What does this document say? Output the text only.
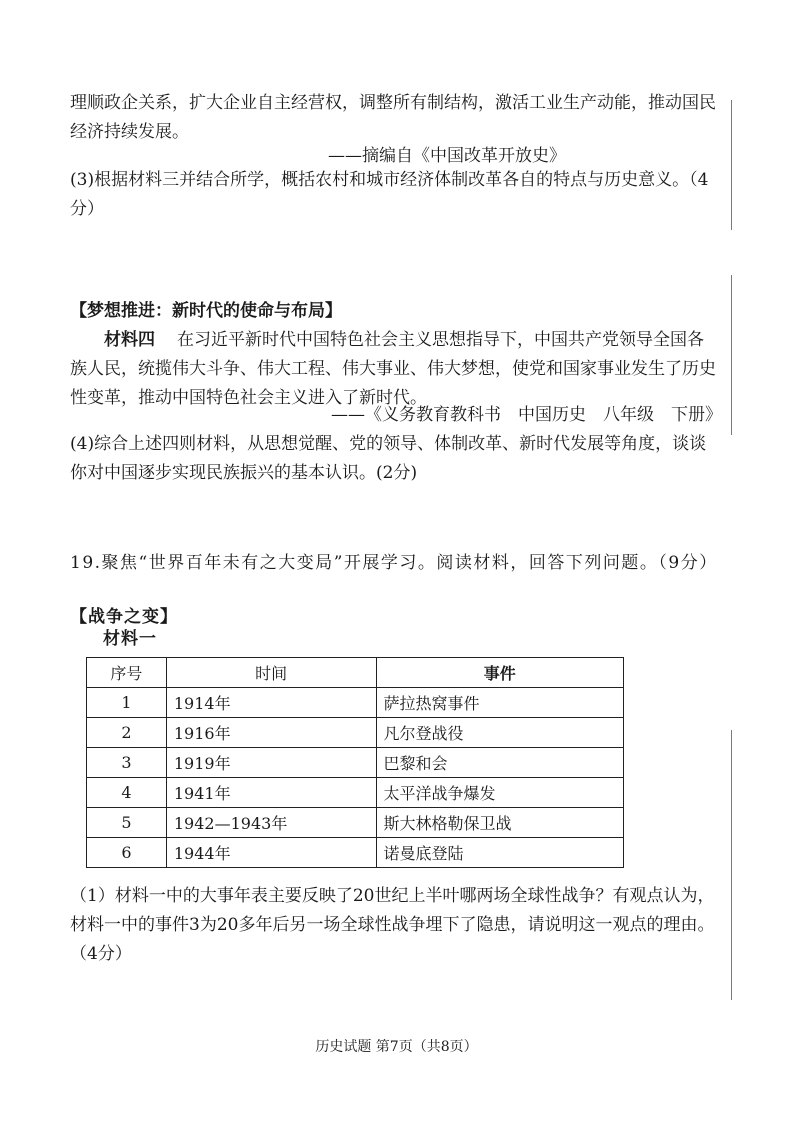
理顺政企关系，扩大企业自主经营权，调整所有制结构，激活工业生产动能，推动国民经济持续发展。

——摘编自《中国改革开放史》

(3)根据材料三并结合所学，概括农村和城市经济体制改革各自的特点与历史意义。（4分）

【梦想推进：新时代的使命与布局】

材料四 在习近平新时代中国特色社会主义思想指导下，中国共产党领导全国各族人民，统揽伟大斗争、伟大工程、伟大事业、伟大梦想，使党和国家事业发生了历史性变革，推动中国特色社会主义进入了新时代。

——《义务教育教科书　中国历史　八年级　下册》

(4)综合上述四则材料，从思想觉醒、党的领导、体制改革、新时代发展等角度，谈谈你对中国逐步实现民族振兴的基本认识。(2分)

19.聚焦“世界百年未有之大变局”开展学习。阅读材料，回答下列问题。（9分）

【战争之变】
材料一
序号	时间	事件
1	1914年	萨拉热窝事件
2	1916年	凡尔登战役
3	1919年	巴黎和会
4	1941年	太平洋战争爆发
5	1942—1943年	斯大林格勒保卫战
6	1944年	诺曼底登陆

（1）材料一中的大事年表主要反映了20世纪上半叶哪两场全球性战争？有观点认为，材料一中的事件3为20多年后另一场全球性战争埋下了隐患，请说明这一观点的理由。（4分）

历史试题 第7页（共8页）
